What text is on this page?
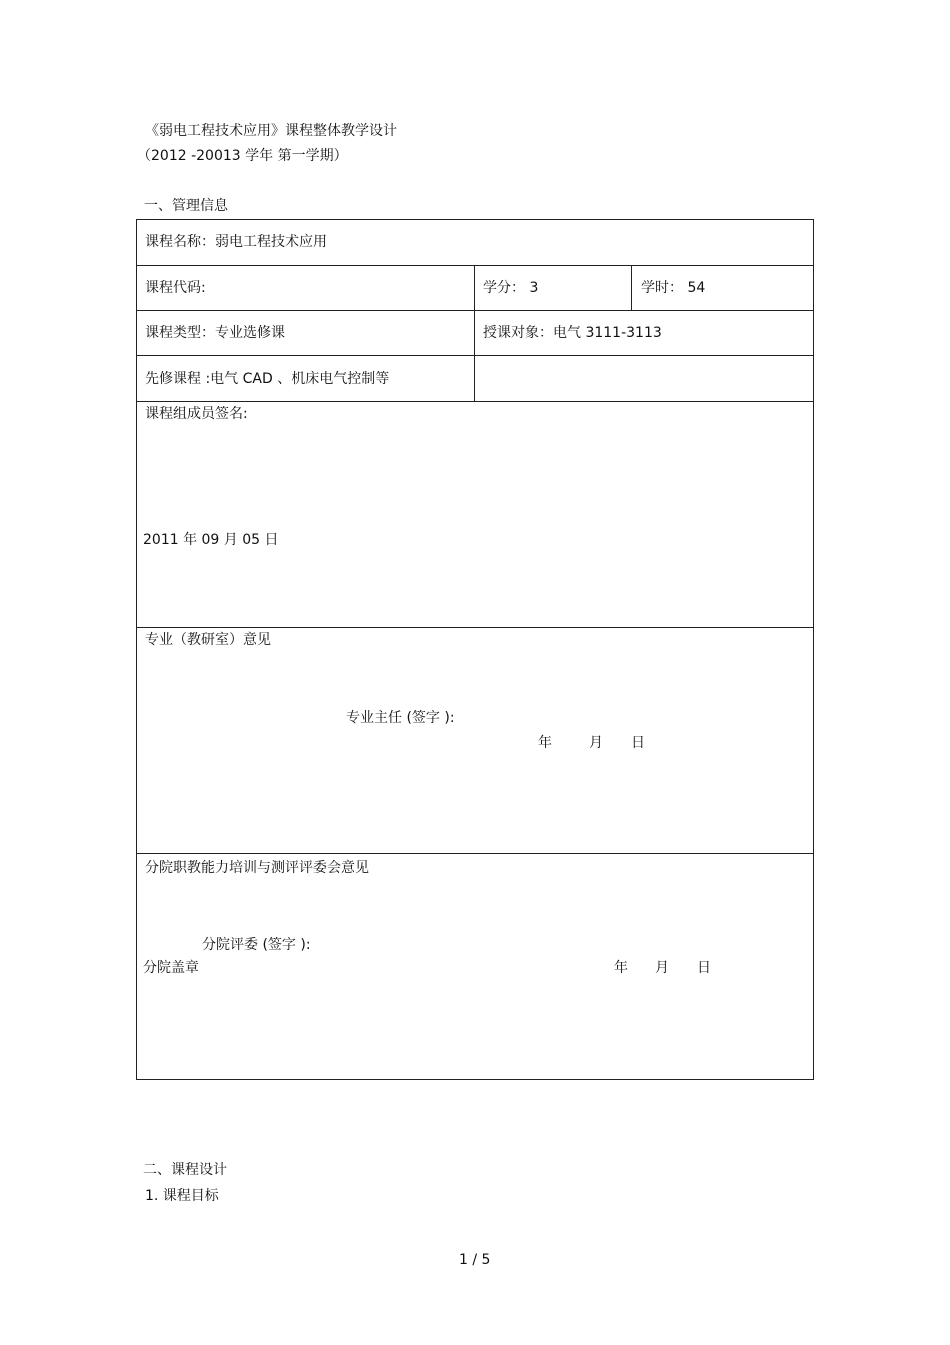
《弱电工程技术应用》课程整体教学设计
（2012 -20013 学年 第一学期）
一、管理信息
课程名称：弱电工程技术应用
课程代码:	学分： 3	学时： 54
课程类型：专业选修课	授课对象：电气 3111-3113
先修课程 :电气 CAD 、机床电气控制等
课程组成员签名:
2011 年 09 月 05 日
专业（教研室）意见
专业主任 (签字 ):
年	月 日
分院职教能力培训与测评评委会意见
分院评委 (签字 ):
分院盖章	年 月 日
二、课程设计
1. 课程目标
1 / 5
